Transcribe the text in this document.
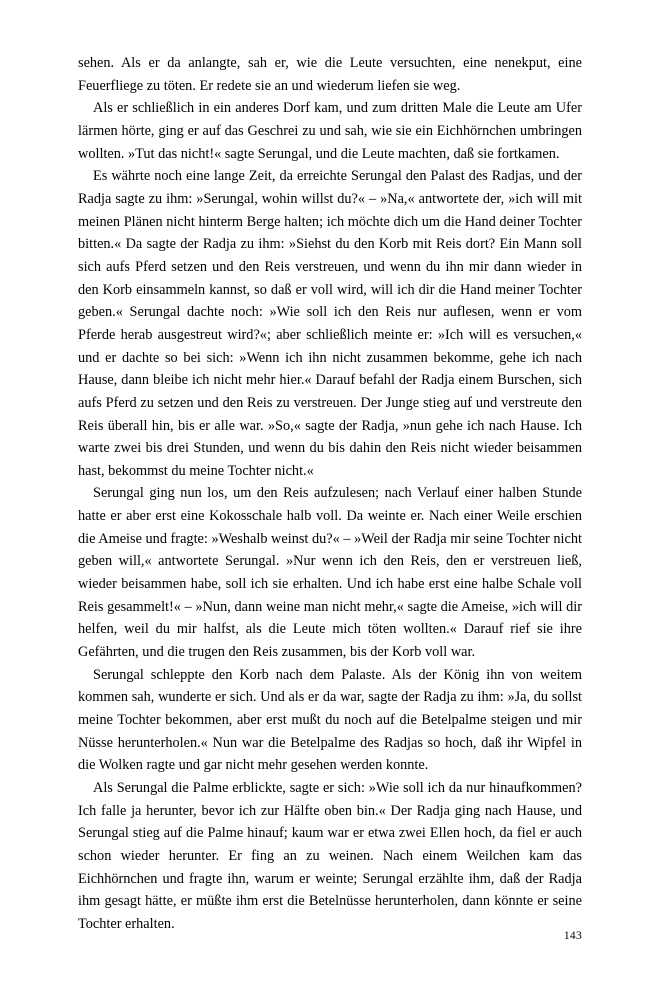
sehen. Als er da anlangte, sah er, wie die Leute versuchten, eine nenekput, eine Feuerfliege zu töten. Er redete sie an und wiederum liefen sie weg.

Als er schließlich in ein anderes Dorf kam, und zum dritten Male die Leute am Ufer lärmen hörte, ging er auf das Geschrei zu und sah, wie sie ein Eichhörnchen umbringen wollten. »Tut das nicht!« sagte Serungal, und die Leute machten, daß sie fortkamen.

Es währte noch eine lange Zeit, da erreichte Serungal den Palast des Radjas, und der Radja sagte zu ihm: »Serungal, wohin willst du?« – »Na,« antwortete der, »ich will mit meinen Plänen nicht hinterm Berge halten; ich möchte dich um die Hand deiner Tochter bitten.« Da sagte der Radja zu ihm: »Siehst du den Korb mit Reis dort? Ein Mann soll sich aufs Pferd setzen und den Reis verstreuen, und wenn du ihn mir dann wieder in den Korb einsammeln kannst, so daß er voll wird, will ich dir die Hand meiner Tochter geben.« Serungal dachte noch: »Wie soll ich den Reis nur auflesen, wenn er vom Pferde herab ausgestreut wird?«; aber schließlich meinte er: »Ich will es versuchen,« und er dachte so bei sich: »Wenn ich ihn nicht zusammen bekomme, gehe ich nach Hause, dann bleibe ich nicht mehr hier.« Darauf befahl der Radja einem Burschen, sich aufs Pferd zu setzen und den Reis zu verstreuen. Der Junge stieg auf und verstreute den Reis überall hin, bis er alle war. »So,« sagte der Radja, »nun gehe ich nach Hause. Ich warte zwei bis drei Stunden, und wenn du bis dahin den Reis nicht wieder beisammen hast, bekommst du meine Tochter nicht.«

Serungal ging nun los, um den Reis aufzulesen; nach Verlauf einer halben Stunde hatte er aber erst eine Kokosschale halb voll. Da weinte er. Nach einer Weile erschien die Ameise und fragte: »Weshalb weinst du?« – »Weil der Radja mir seine Tochter nicht geben will,« antwortete Serungal. »Nur wenn ich den Reis, den er verstreuen ließ, wieder beisammen habe, soll ich sie erhalten. Und ich habe erst eine halbe Schale voll Reis gesammelt!« – »Nun, dann weine man nicht mehr,« sagte die Ameise, »ich will dir helfen, weil du mir halfst, als die Leute mich töten wollten.« Darauf rief sie ihre Gefährten, und die trugen den Reis zusammen, bis der Korb voll war.

Serungal schleppte den Korb nach dem Palaste. Als der König ihn von weitem kommen sah, wunderte er sich. Und als er da war, sagte der Radja zu ihm: »Ja, du sollst meine Tochter bekommen, aber erst mußt du noch auf die Betelpalme steigen und mir Nüsse herunterholen.« Nun war die Betelpalme des Radjas so hoch, daß ihr Wipfel in die Wolken ragte und gar nicht mehr gesehen werden konnte.

Als Serungal die Palme erblickte, sagte er sich: »Wie soll ich da nur hinaufkommen? Ich falle ja herunter, bevor ich zur Hälfte oben bin.« Der Radja ging nach Hause, und Serungal stieg auf die Palme hinauf; kaum war er etwa zwei Ellen hoch, da fiel er auch schon wieder herunter. Er fing an zu weinen. Nach einem Weilchen kam das Eichhörnchen und fragte ihn, warum er weinte; Serungal erzählte ihm, daß der Radja ihm gesagt hätte, er müßte ihm erst die Betelnüsse herunterholen, dann könnte er seine Tochter erhalten.

143
